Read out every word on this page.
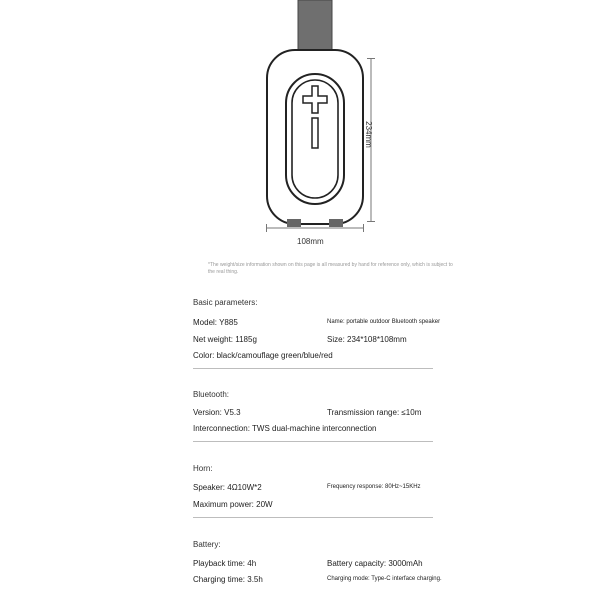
234mm
108mm
*The weight/size information shown on this page is all measured by hand for reference only, which is subject to the real thing.
Basic parameters:
Model: Y885	Name: portable outdoor Bluetooth speaker
Net weight: 1185g	Size: 234*108*108mm
Color: black/camouflage green/blue/red
Bluetooth:
Version: V5.3	Transmission range: ≤10m
Interconnection: TWS dual-machine interconnection
Horn:
Speaker: 4Ω10W*2	Frequency response: 80Hz~15KHz
Maximum power: 20W
Battery:
Playback time: 4h	Battery capacity: 3000mAh
Charging time: 3.5h	Charging mode: Type-C interface charging.
